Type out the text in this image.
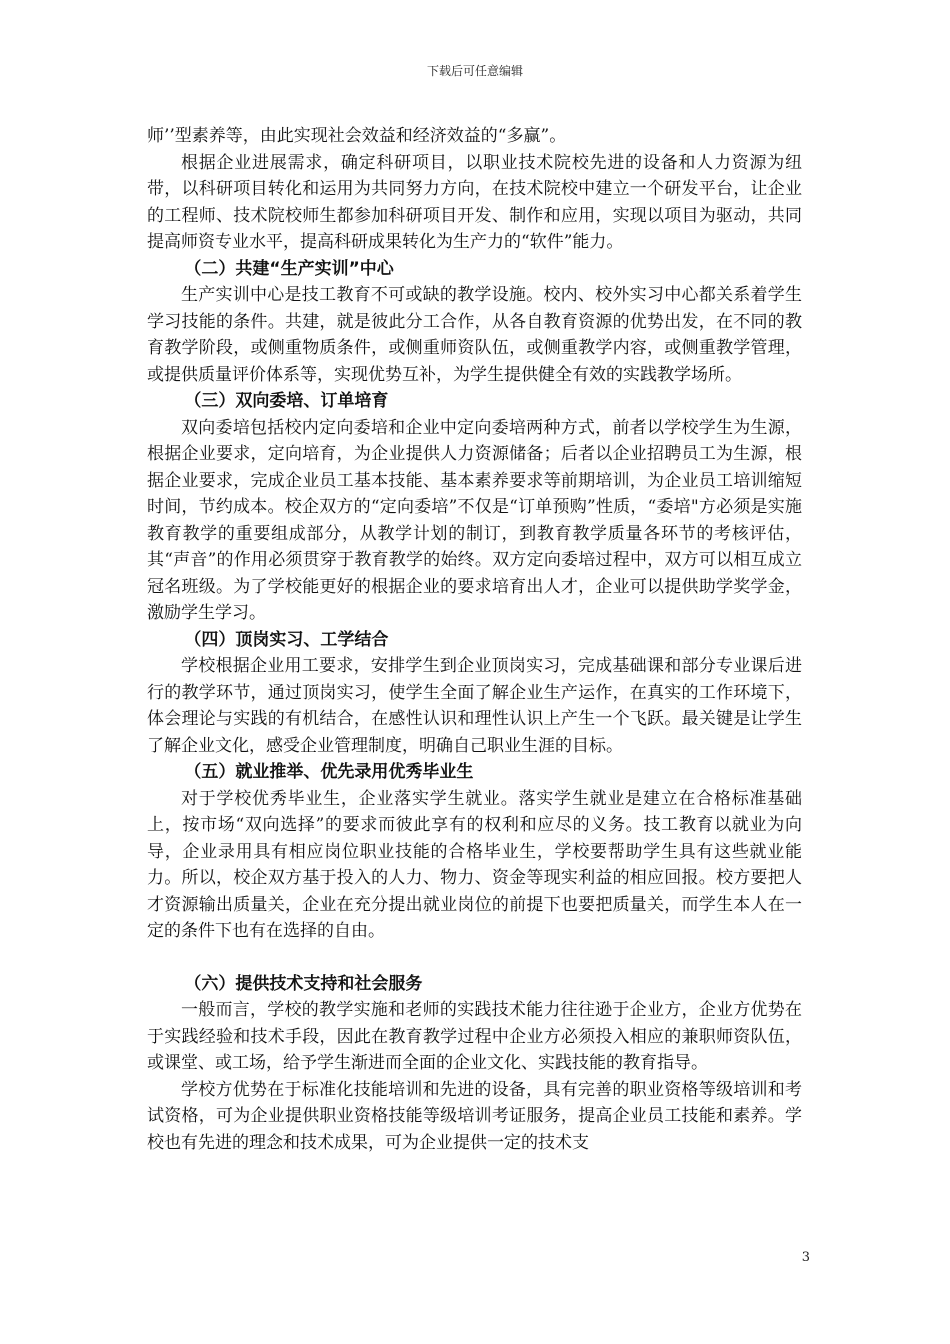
下载后可任意编辑

师’’型素养等，由此实现社会效益和经济效益的“多赢”。

根据企业进展需求，确定科研项目，以职业技术院校先进的设备和人力资源为纽带，以科研项目转化和运用为共同努力方向，在技术院校中建立一个研发平台，让企业的工程师、技术院校师生都参加科研项目开发、制作和应用，实现以项目为驱动，共同提高师资专业水平，提高科研成果转化为生产力的“软件”能力。

（二）共建“生产实训”中心

生产实训中心是技工教育不可或缺的教学设施。校内、校外实习中心都关系着学生学习技能的条件。共建，就是彼此分工合作，从各自教育资源的优势出发，在不同的教育教学阶段，或侧重物质条件，或侧重师资队伍，或侧重教学内容，或侧重教学管理，或提供质量评价体系等，实现优势互补，为学生提供健全有效的实践教学场所。

（三）双向委培、订单培育

双向委培包括校内定向委培和企业中定向委培两种方式，前者以学校学生为生源，根据企业要求，定向培育，为企业提供人力资源储备；后者以企业招聘员工为生源，根据企业要求，完成企业员工基本技能、基本素养要求等前期培训，为企业员工培训缩短时间，节约成本。校企双方的“定向委培”不仅是“订单预购”性质，“委培"方必须是实施教育教学的重要组成部分，从教学计划的制订，到教育教学质量各环节的考核评估，其“声音”的作用必须贯穿于教育教学的始终。双方定向委培过程中，双方可以相互成立冠名班级。为了学校能更好的根据企业的要求培育出人才，企业可以提供助学奖学金，激励学生学习。

（四）顶岗实习、工学结合

学校根据企业用工要求，安排学生到企业顶岗实习，完成基础课和部分专业课后进行的教学环节，通过顶岗实习，使学生全面了解企业生产运作，在真实的工作环境下，体会理论与实践的有机结合，在感性认识和理性认识上产生一个飞跃。最关键是让学生了解企业文化，感受企业管理制度，明确自己职业生涯的目标。

（五）就业推举、优先录用优秀毕业生

对于学校优秀毕业生，企业落实学生就业。落实学生就业是建立在合格标准基础上，按市场“双向选择”的要求而彼此享有的权利和应尽的义务。技工教育以就业为向导，企业录用具有相应岗位职业技能的合格毕业生，学校要帮助学生具有这些就业能力。所以，校企双方基于投入的人力、物力、资金等现实利益的相应回报。校方要把人才资源输出质量关，企业在充分提出就业岗位的前提下也要把质量关，而学生本人在一定的条件下也有在选择的自由。

（六）提供技术支持和社会服务

一般而言，学校的教学实施和老师的实践技术能力往往逊于企业方，企业方优势在于实践经验和技术手段，因此在教育教学过程中企业方必须投入相应的兼职师资队伍，或课堂、或工场，给予学生渐进而全面的企业文化、实践技能的教育指导。

学校方优势在于标准化技能培训和先进的设备，具有完善的职业资格等级培训和考试资格，可为企业提供职业资格技能等级培训考证服务，提高企业员工技能和素养。学校也有先进的理念和技术成果，可为企业提供一定的技术支

3
